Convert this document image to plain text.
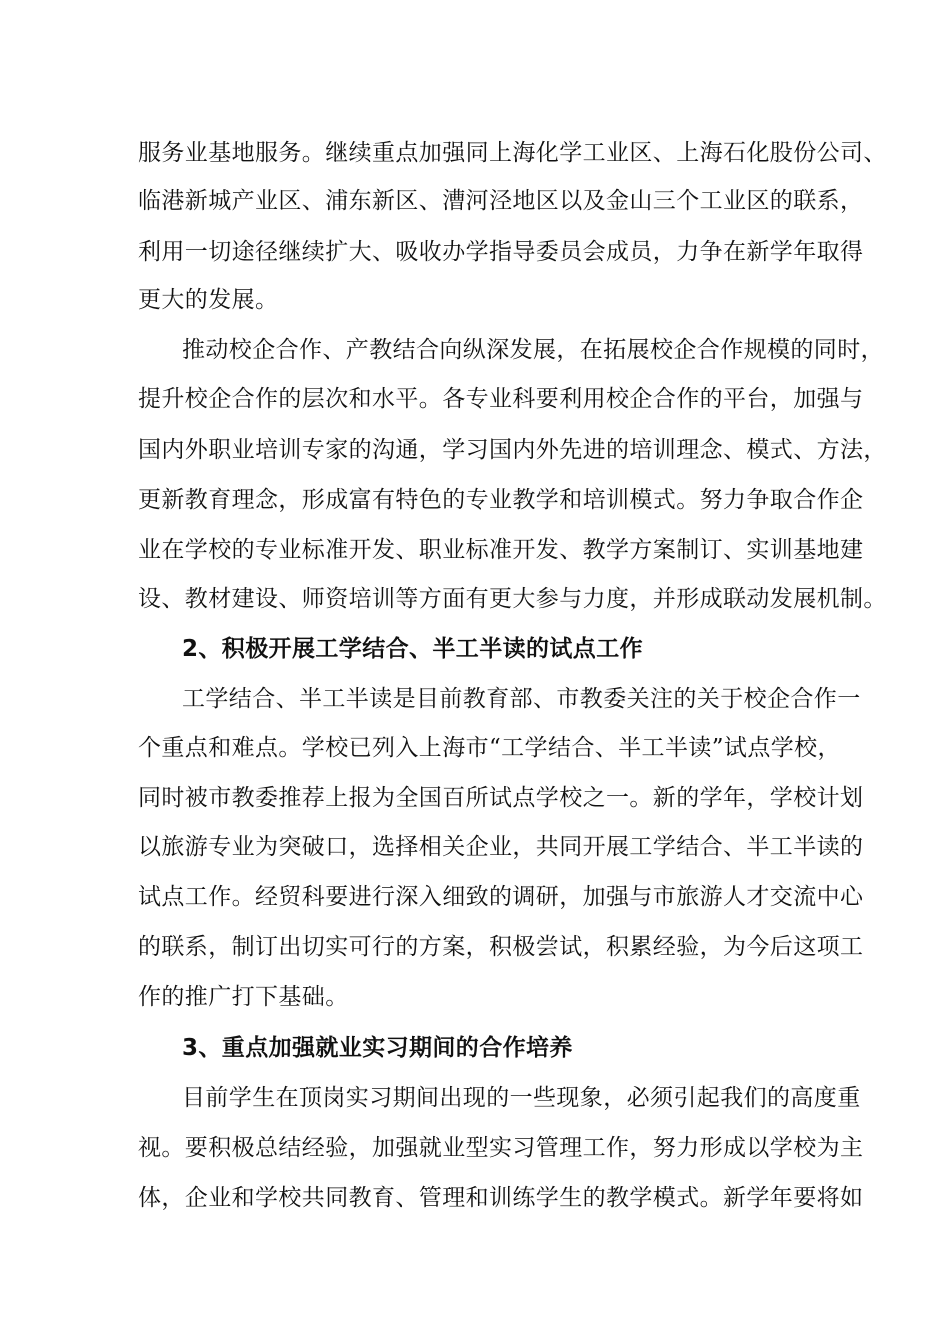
服务业基地服务。继续重点加强同上海化学工业区、上海石化股份公司、
临港新城产业区、浦东新区、漕河泾地区以及金山三个工业区的联系，
利用一切途径继续扩大、吸收办学指导委员会成员，力争在新学年取得
更大的发展。
推动校企合作、产教结合向纵深发展，在拓展校企合作规模的同时，
提升校企合作的层次和水平。各专业科要利用校企合作的平台，加强与
国内外职业培训专家的沟通，学习国内外先进的培训理念、模式、方法，
更新教育理念，形成富有特色的专业教学和培训模式。努力争取合作企
业在学校的专业标准开发、职业标准开发、教学方案制订、实训基地建
设、教材建设、师资培训等方面有更大参与力度，并形成联动发展机制。
2、积极开展工学结合、半工半读的试点工作
工学结合、半工半读是目前教育部、市教委关注的关于校企合作一
个重点和难点。学校已列入上海市“工学结合、半工半读”试点学校，
同时被市教委推荐上报为全国百所试点学校之一。新的学年，学校计划
以旅游专业为突破口，选择相关企业，共同开展工学结合、半工半读的
试点工作。经贸科要进行深入细致的调研，加强与市旅游人才交流中心
的联系，制订出切实可行的方案，积极尝试，积累经验，为今后这项工
作的推广打下基础。
3、重点加强就业实习期间的合作培养
目前学生在顶岗实习期间出现的一些现象，必须引起我们的高度重
视。要积极总结经验，加强就业型实习管理工作，努力形成以学校为主
体，企业和学校共同教育、管理和训练学生的教学模式。新学年要将如
